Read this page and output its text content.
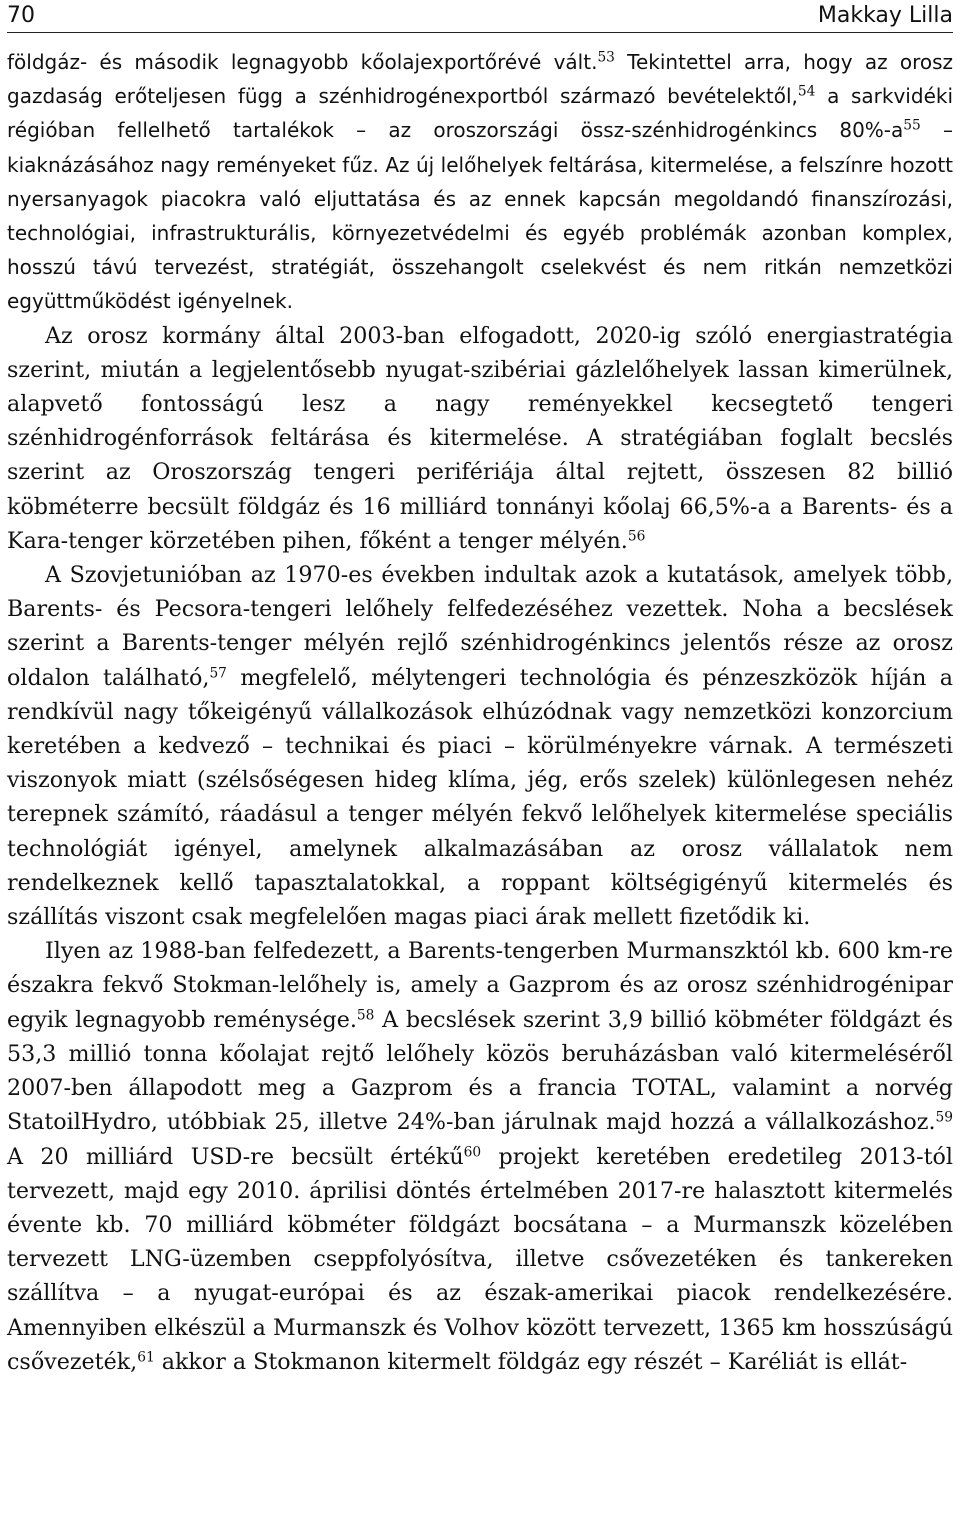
70	Makkay Lilla

földgáz- és második legnagyobb kőolajexportőrévé vált.$^{53}$ Tekintettel arra, hogy az orosz gazdaság erőteljesen függ a szénhidrogénexportból származó bevételektől,$^{54}$ a sarkvidéki régióban fellelhető tartalékok – az oroszországi össz-szénhidrogénkincs $80\%-a^{55}$ – kiaknázásához nagy reményeket fűz. Az új lelőhelyek feltárása, kitermelése, a felszínre hozott nyersanyagok piacokra való eljuttatása és az ennek kapcsán megoldandó finanszírozási, technológiai, infrastrukturális, környezetvédelmi és egyéb problémák azonban komplex, hosszú távú tervezést, stratégiát, összehangolt cselekvést és nem ritkán nemzetközi együttműködést igényelnek.

Az orosz kormány által 2003-ban elfogadott, 2020-ig szóló energiastratégia szerint, miután a legjelentősebb nyugat-szibériai gázlelőhelyek lassan kimerülnek, alapvető fontosságú lesz a nagy reményekkel kecsegtető tengeri szénhidrogénforrások feltárása és kitermelése. A stratégiában foglalt becslés szerint az Oroszország tengeri perifériája által rejtett, összesen 82 billió köbméterre becsült földgáz és 16 milliárd tonnányi kőolaj 66,5%-a a Barents- és a Kara-tenger körzetében pihen, főként a tenger mélyén.$^{56}$

A Szovjetunióban az 1970-es években indultak azok a kutatások, amelyek több, Barents- és Pecsora-tengeri lelőhely felfedezéséhez vezettek. Noha a becslések szerint a Barents-tenger mélyén rejlő szénhidrogénkincs jelentős része az orosz oldalon található,$^{57}$ megfelelő, mélytengeri technológia és pénzeszközök híján a rendkívül nagy tőkeigényű vállalkozások elhúzódnak vagy nemzetközi konzorcium keretében a kedvező – technikai és piaci – körülményekre várnak. A természeti viszonyok miatt (szélsőségesen hideg klíma, jég, erős szelek) különlegesen nehéz terepnek számító, ráadásul a tenger mélyén fekvő lelőhelyek kitermelése speciális technológiát igényel, amelynek alkalmazásában az orosz vállalatok nem rendelkeznek kellő tapasztalatokkal, a roppant költségigényű kitermelés és szállítás viszont csak megfelelően magas piaci árak mellett fizetődik ki.

Ilyen az 1988-ban felfedezett, a Barents-tengerben Murmanszktól kb. 600 km-re északra fekvő Stokman-lelőhely is, amely a Gazprom és az orosz szénhidrogénipar egyik legnagyobb reménysége.$^{58}$ A becslések szerint 3,9 billió köbméter földgázt és 53,3 millió tonna kőolajat rejtő lelőhely közös beruházásban való kitermeléséről 2007-ben állapodott meg a Gazprom és a francia TOTAL, valamint a norvég StatoilHydro, utóbbiak 25, illetve 24%-ban járulnak majd hozzá a vállalkozáshoz.$^{59}$ A 20 milliárd USD-re becsült értékű$^{60}$ projekt keretében eredetileg 2013-tól tervezett, majd egy 2010. áprilisi döntés értelmében 2017-re halasztott kitermelés évente kb. 70 milliárd köbméter földgázt bocsátana – a Murmanszk közelében tervezett LNG-üzemben cseppfolyósítva, illetve csővezetéken és tankereken szállítva – a nyugat-európai és az észak-amerikai piacok rendelkezésére. Amennyiben elkészül a Murmanszk és Volhov között tervezett, 1365 km hosszúságú csővezeték,$^{61}$ akkor a Stokmanon kitermelt földgáz egy részét – Karéliát is ellát-
